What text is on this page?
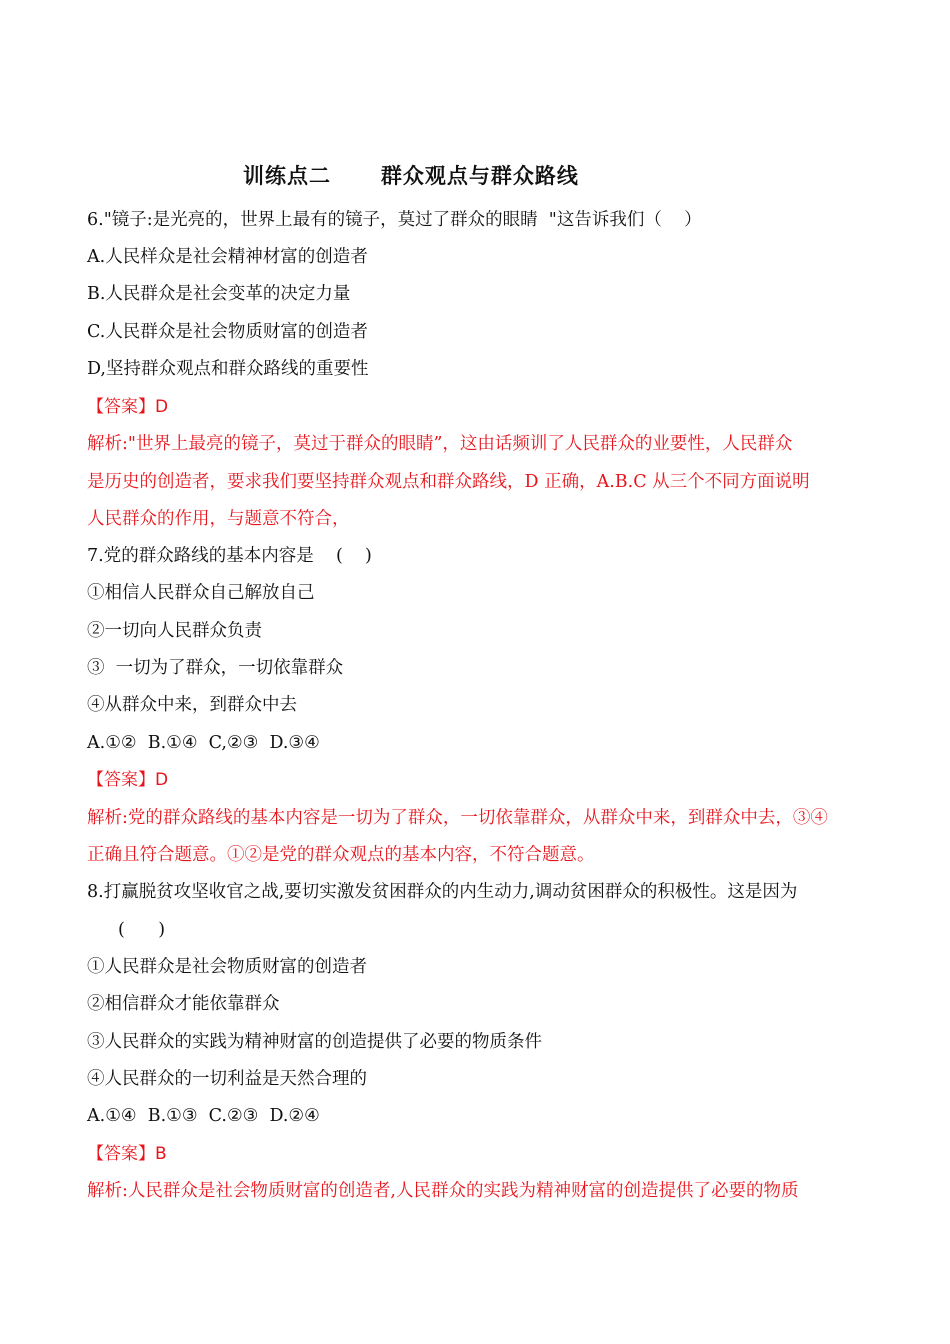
训练点二      群众观点与群众路线
6."镜子:是光亮的，世界上最有的镜子，莫过了群众的眼睛  "这告诉我们（    ）
A.人民样众是社会精神材富的创造者
B.人民群众是社会变革的决定力量
C.人民群众是社会物质财富的创造者
D,坚持群众观点和群众路线的重要性
【答案】D
解析:"世界上最亮的镜子，莫过于群众的眼睛”，这由话频训了人民群众的业要性，人民群众
是历史的创造者，要求我们要坚持群众观点和群众路线，D 正确，A.B.C 从三个不同方面说明
人民群众的作用，与题意不符合，
7.党的群众路线的基本内容是    (    )
①相信人民群众自己解放自己
②一切向人民群众负责
③  一切为了群众，一切依靠群众
④从群众中来，到群众中去
A.①②  B.①④  C,②③  D.③④
【答案】D
解析:党的群众路线的基本内容是一切为了群众，一切依靠群众，从群众中来，到群众中去，③④
正确且符合题意。①②是党的群众观点的基本内容，不符合题意。
8.打赢脱贫攻坚收官之战,要切实激发贫困群众的内生动力,调动贫困群众的积极性。这是因为
(      )
①人民群众是社会物质财富的创造者
②相信群众才能依靠群众
③人民群众的实践为精神财富的创造提供了必要的物质条件
④人民群众的一切利益是天然合理的
A.①④  B.①③  C.②③  D.②④
【答案】B
解析:人民群众是社会物质财富的创造者,人民群众的实践为精神财富的创造提供了必要的物质
